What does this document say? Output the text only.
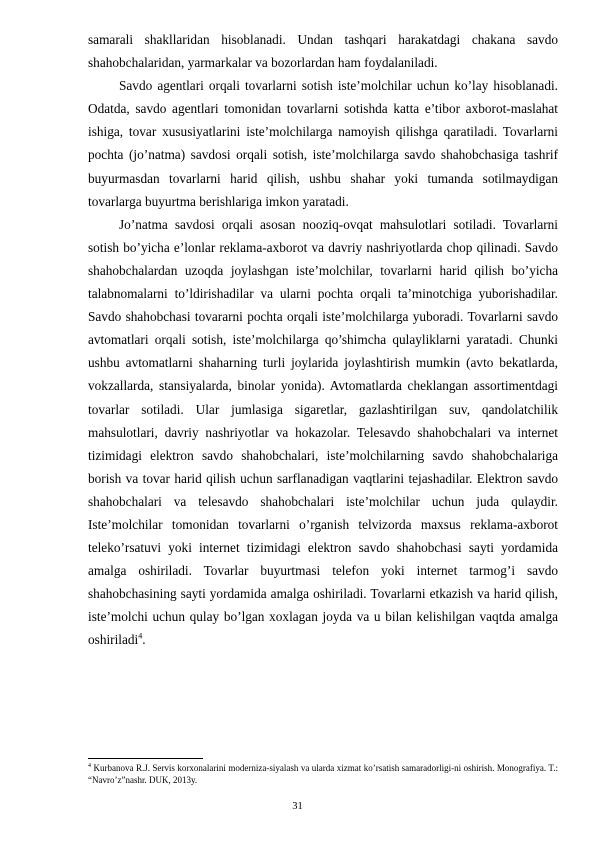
samarali shakllaridan hisoblanadi. Undan tashqari harakatdagi chakana savdo shahobchalaridan, yarmarkalar va bozorlardan ham foydalaniladi.

Savdo agentlari orqali tovarlarni sotish iste’molchilar uchun ko’lay hisoblanadi. Odatda, savdo agentlari tomonidan tovarlarni sotishda katta e’tibor axborot-maslahat ishiga, tovar xususiyatlarini iste’molchilarga namoyish qilishga qaratiladi. Tovarlarni pochta (jo’natma) savdosi orqali sotish, iste’molchilarga savdo shahobchasiga tashrif buyurmasdan tovarlarni harid qilish, ushbu shahar yoki tumanda sotilmaydigan tovarlarga buyurtma berishlariga imkon yaratadi.

Jo’natma savdosi orqali asosan nooziq-ovqat mahsulotlari sotiladi. Tovarlarni sotish bo’yicha e’lonlar reklama-axborot va davriy nashriyotlarda chop qilinadi. Savdo shahobchalardan uzoqda joylashgan iste’molchilar, tovarlarni harid qilish bo’yicha talabnomalarni to’ldirishadilar va ularni pochta orqali ta’minotchiga yuborishadilar. Savdo shahobchasi tovararni pochta orqali iste’molchilarga yuboradi. Tovarlarni savdo avtomatlari orqali sotish, iste’molchilarga qo’shimcha qulayliklarni yaratadi. Chunki ushbu avtomatlarni shaharning turli joylarida joylashtirish mumkin (avto bekatlarda, vokzallarda, stansiyalarda, binolar yonida). Avtomatlarda cheklangan assortimentdagi tovarlar sotiladi. Ular jumlasiga sigaretlar, gazlashtirilgan suv, qandolatchilik mahsulotlari, davriy nashriyotlar va hokazolar. Telesavdo shahobchalari va internet tizimidagi elektron savdo shahobchalari, iste’molchilarning savdo shahobchalariga borish va tovar harid qilish uchun sarflanadigan vaqtlarini tejashadilar. Elektron savdo shahobchalari va telesavdo shahobchalari iste’molchilar uchun juda qulaydir. Iste’molchilar tomonidan tovarlarni o’rganish telvizorda maxsus reklama-axborot teleko’rsatuvi yoki internet tizimidagi elektron savdo shahobchasi sayti yordamida amalga oshiriladi. Tovarlar buyurtmasi telefon yoki internet tarmog’i savdo shahobchasining sayti yordamida amalga oshiriladi. Tovarlarni etkazish va harid qilish, iste’molchi uchun qulay bo’lgan xoxlagan joyda va u bilan kelishilgan vaqtda amalga oshiriladi$^4$.

$^4$ Kurbanova R.J. Servis korxonalarini moderniza-siyalash va ularda xizmat ko’rsatish samaradorligi-ni oshirish. Monografiya. T.: “Navro’z”nashr. DUK, 2013y.

31
